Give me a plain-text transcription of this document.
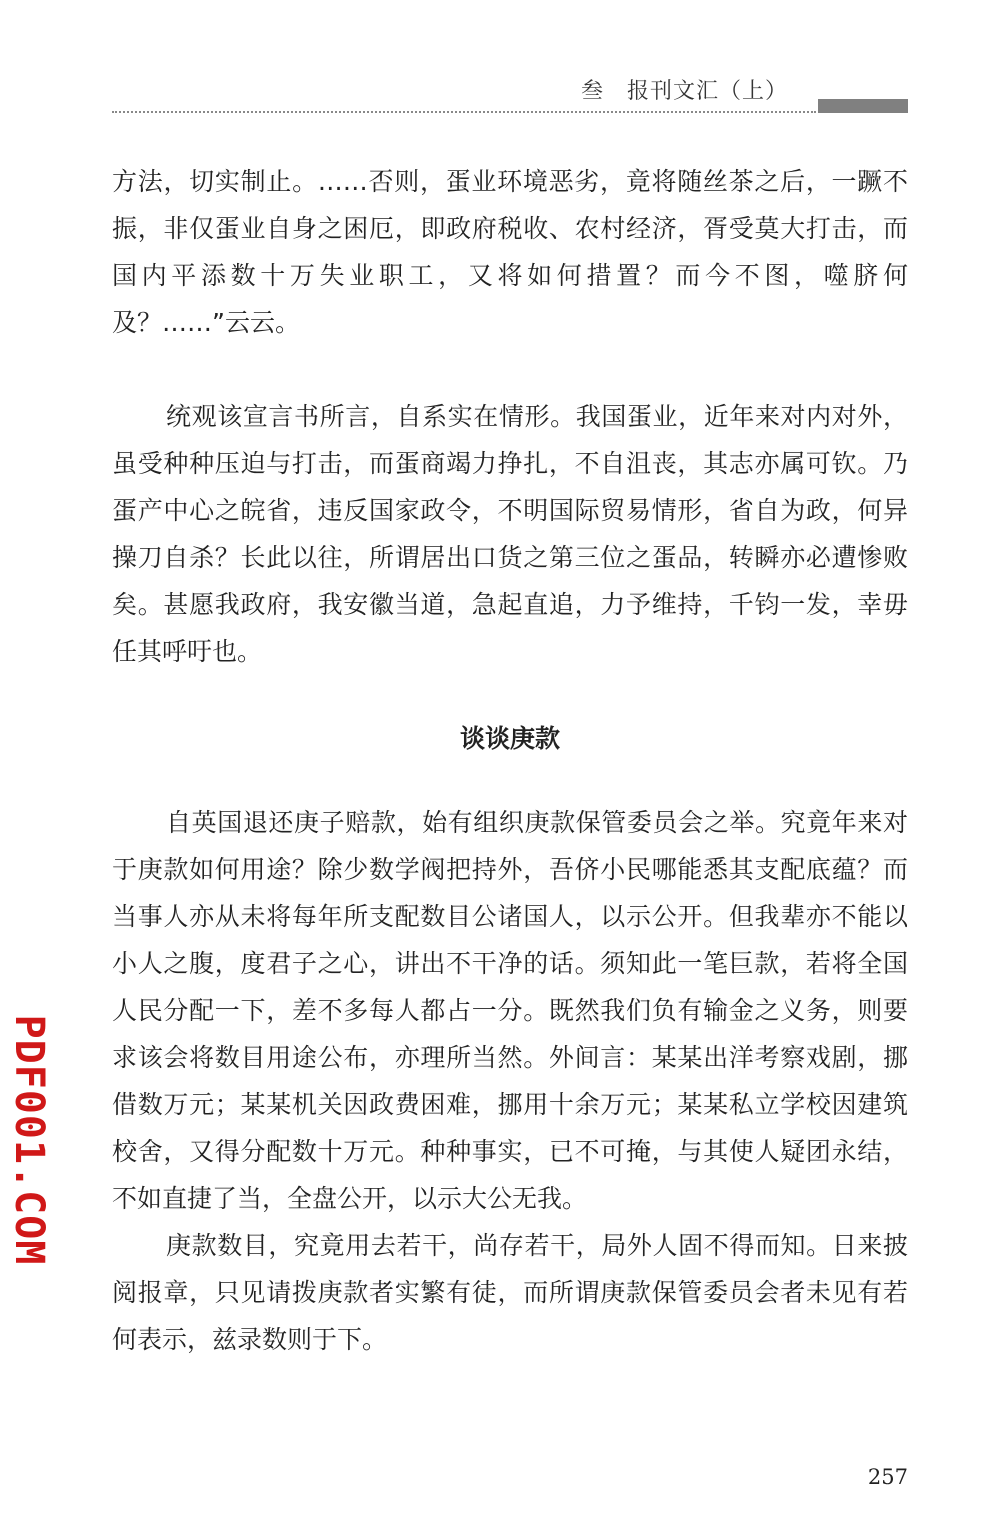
叁　报刊文汇（上）

方法，切实制止。……否则，蛋业环境恶劣，竟将随丝茶之后，一蹶不振，非仅蛋业自身之困厄，即政府税收、农村经济，胥受莫大打击，而国内平添数十万失业职工，又将如何措置？而今不图，噬脐何及？……”云云。

统观该宣言书所言，自系实在情形。我国蛋业，近年来对内对外，虽受种种压迫与打击，而蛋商竭力挣扎，不自沮丧，其志亦属可钦。乃蛋产中心之皖省，违反国家政令，不明国际贸易情形，省自为政，何异操刀自杀？长此以往，所谓居出口货之第三位之蛋品，转瞬亦必遭惨败矣。甚愿我政府，我安徽当道，急起直追，力予维持，千钧一发，幸毋任其呼吁也。

谈谈庚款

自英国退还庚子赔款，始有组织庚款保管委员会之举。究竟年来对于庚款如何用途？除少数学阀把持外，吾侪小民哪能悉其支配底蕴？而当事人亦从未将每年所支配数目公诸国人，以示公开。但我辈亦不能以小人之腹，度君子之心，讲出不干净的话。须知此一笔巨款，若将全国人民分配一下，差不多每人都占一分。既然我们负有输金之义务，则要求该会将数目用途公布，亦理所当然。外间言：某某出洋考察戏剧，挪借数万元；某某机关因政费困难，挪用十余万元；某某私立学校因建筑校舍，又得分配数十万元。种种事实，已不可掩，与其使人疑团永结，不如直捷了当，全盘公开，以示大公无我。

庚款数目，究竟用去若干，尚存若干，局外人固不得而知。日来披阅报章，只见请拨庚款者实繁有徒，而所谓庚款保管委员会者未见有若何表示，兹录数则于下。

PDF001.COM
257
